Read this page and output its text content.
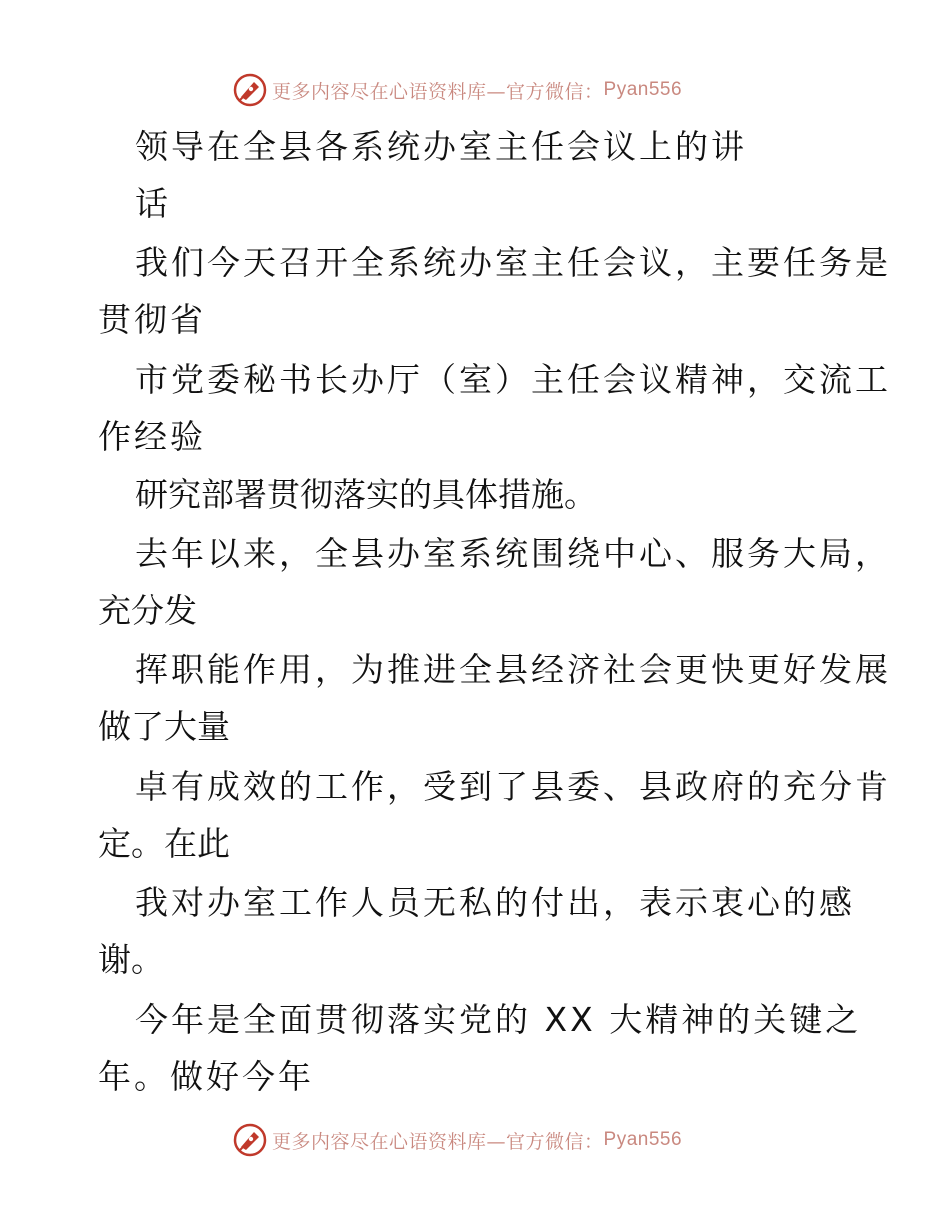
更多内容尽在心语资料库—官方微信： Pyan556
领导在全县各系统办室主任会议上的讲
话
我们今天召开全系统办室主任会议，主要任务是
贯彻省
市党委秘书长办厅（室）主任会议精神，交流工
作经验
研究部署贯彻落实的具体措施。
去年以来，全县办室系统围绕中心、服务大局，
充分发
挥职能作用，为推进全县经济社会更快更好发展
做了大量
卓有成效的工作，受到了县委、县政府的充分肯
定。在此
我对办室工作人员无私的付出，表示衷心的感
谢。
今年是全面贯彻落实党的 XX 大精神的关键之
年。做好今年
更多内容尽在心语资料库—官方微信： Pyan556
